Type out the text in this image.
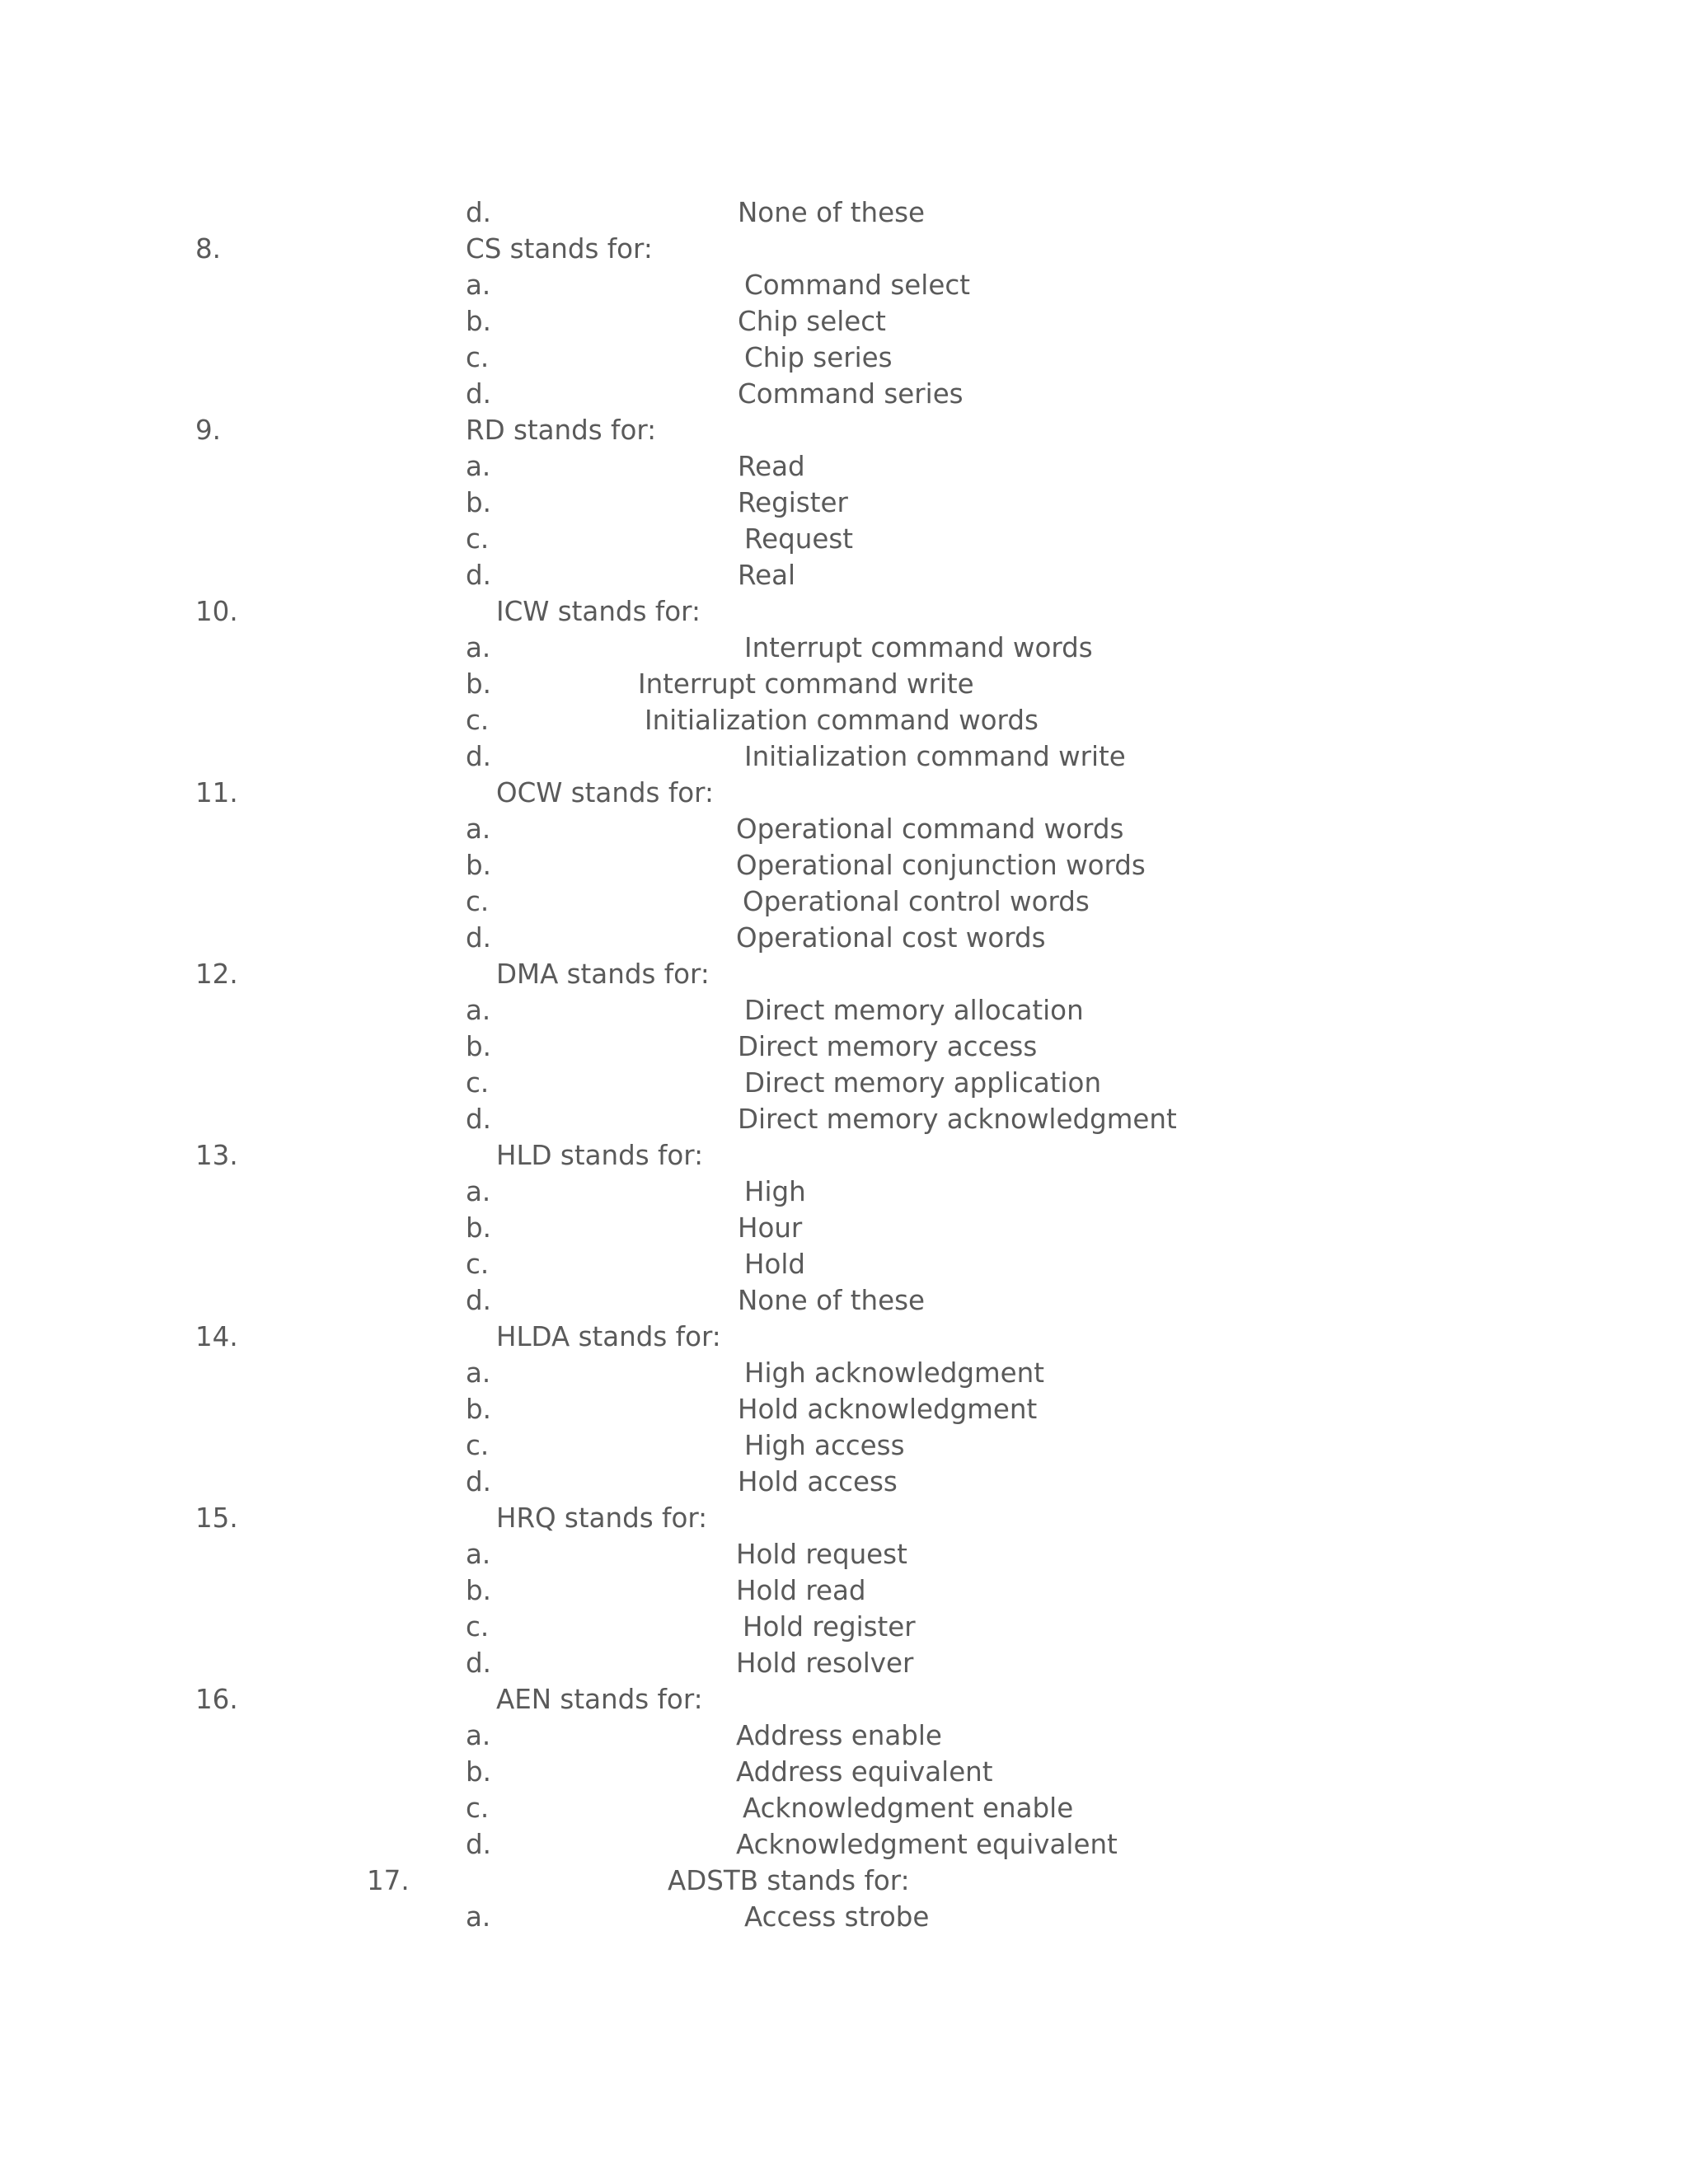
None of these
d.
8.	CS stands for:
a.	Command select
b.	Chip select
c.	Chip series
d.	Command series
9.	RD stands for:
a.	Read
b.	Register
c.	Request
d.	Real
10.	ICW stands for:
a.	Interrupt command words
b.	Interrupt command write
c.	Initialization command words
d.	Initialization command write
11.	OCW stands for:
a.	Operational command words
b.	Operational conjunction words
c.	Operational control words
d.	Operational cost words
12.	DMA stands for:
a.	Direct memory allocation
b.	Direct memory access
c.	Direct memory application
d.	Direct memory acknowledgment
13.	HLD stands for:
a.	High
b.	Hour
c.	Hold
d.	None of these
14.	HLDA stands for:
a.	High acknowledgment
b.	Hold acknowledgment
c.	High access
d.	Hold access
15.	HRQ stands for:
a.	Hold request
b.	Hold read
c.	Hold register
d.	Hold resolver
16.	AEN stands for:
a.	Address enable
b.	Address equivalent
c.	Acknowledgment enable
d.	Acknowledgment equivalent
17.	ADSTB stands for:
a.	Access strobe
